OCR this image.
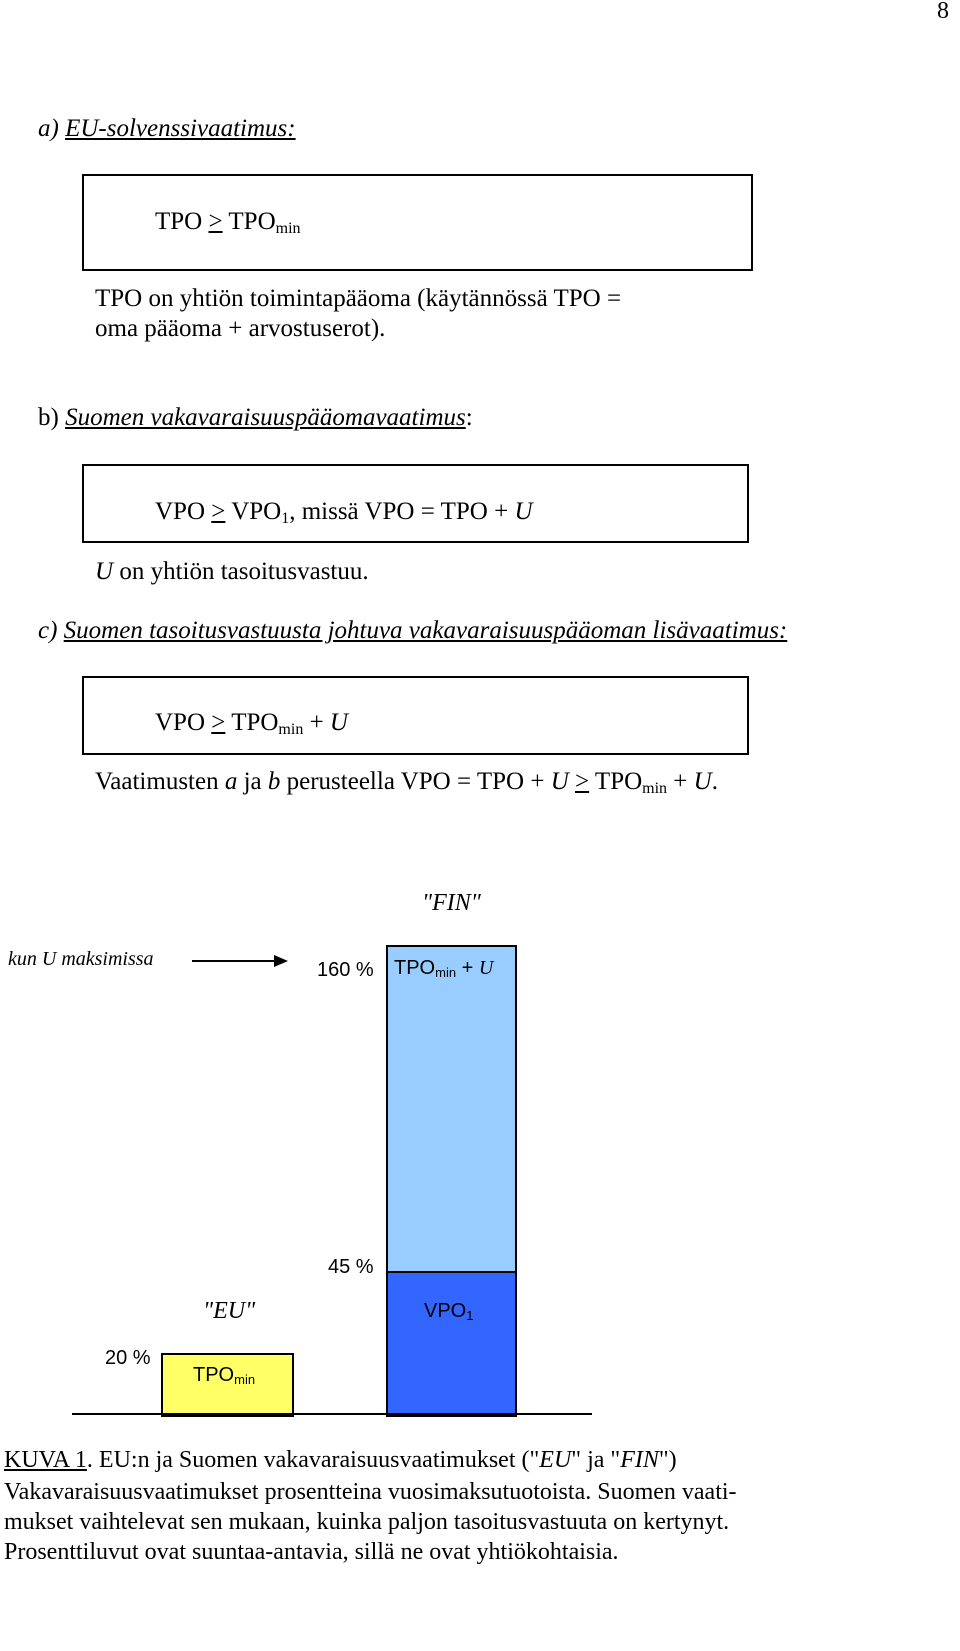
8
a) EU-solvenssivaatimus:
TPO > $TPO_{min}$
TPO on yhtiön toimintapääoma (käytännössä TPO =
oma pääoma + arvostuserot).
b) Suomen vakavaraisuuspääomavaatimus:
VPO > $VPO_1$, missä VPO = TPO + U
U on yhtiön tasoitusvastuu.
c) Suomen tasoitusvastuusta johtuva vakavaraisuuspääoman lisävaatimus:
VPO > $TPO_{min} + U$
Vaatimusten a ja b perusteella VPO = TPO + $U > TPO_{min} + U$.
"FIN"
kun U maksimissa	160 %
45 %
20 %
$TPO_{min} + U$
$VPO_1$
"EU"
$TPO_{min}$
KUVA 1. EU:n ja Suomen vakavaraisuusvaatimukset ("EU" ja "FIN")
Vakavaraisuusvaatimukset prosentteina vuosimaksutuotoista. Suomen vaati-
mukset vaihtelevat sen mukaan, kuinka paljon tasoitusvastuuta on kertynyt.
Prosenttiluvut ovat suuntaa-antavia, sillä ne ovat yhtiökohtaisia.
